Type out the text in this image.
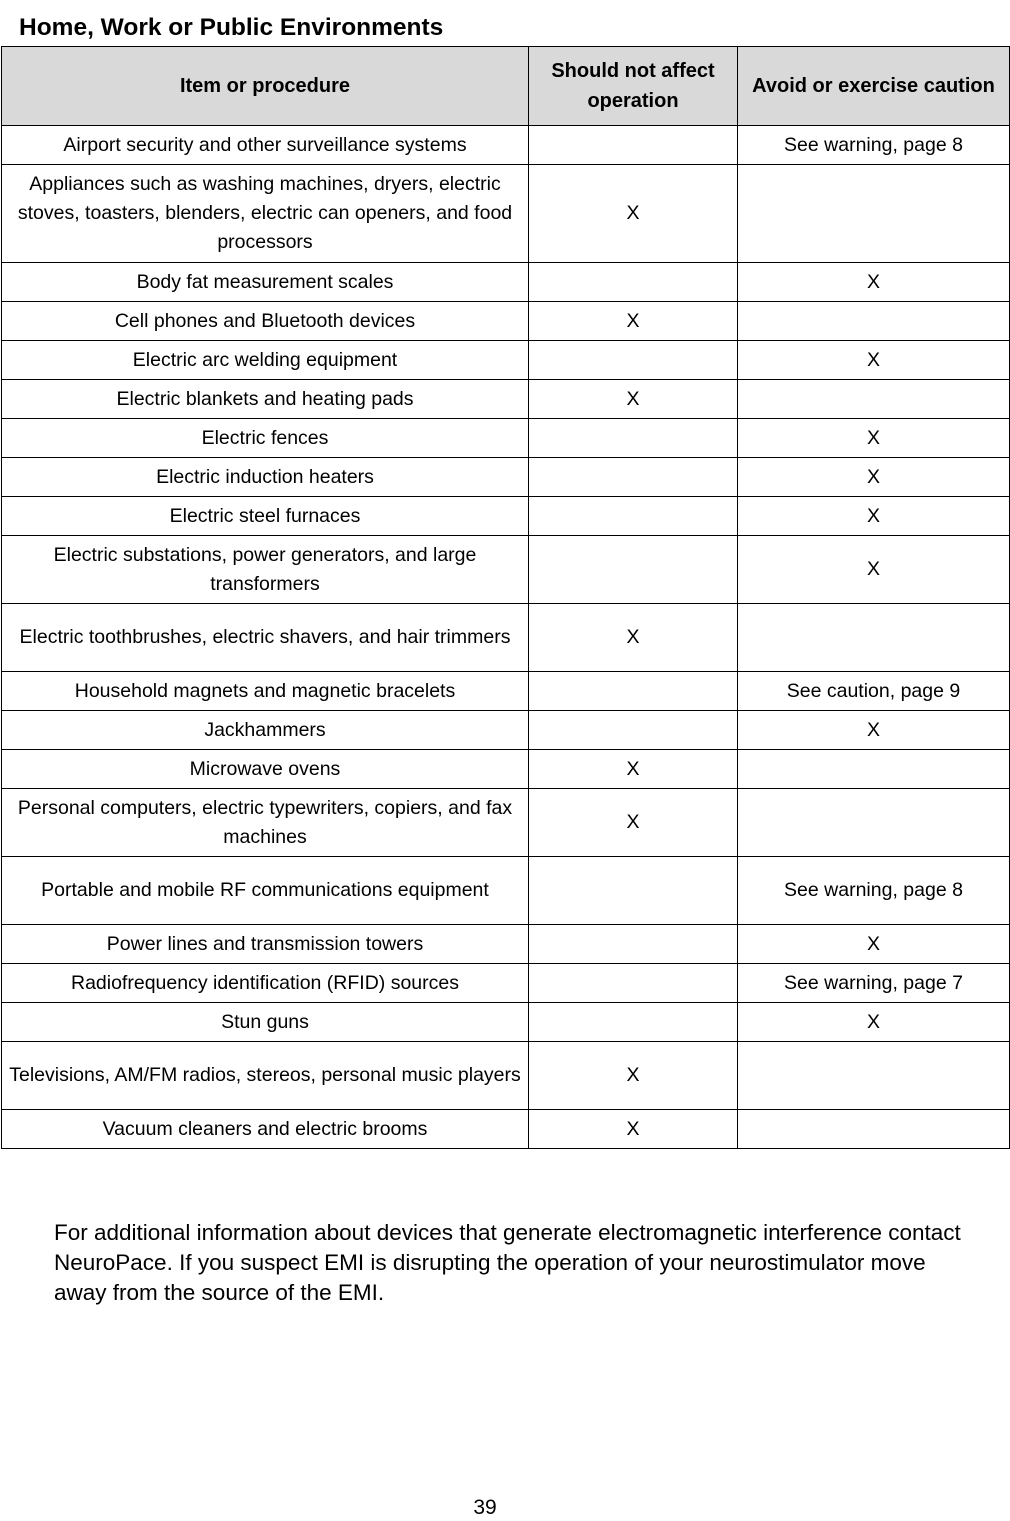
Home, Work or Public Environments
Item or procedure	Should not affect operation	Avoid or exercise caution
Airport security and other surveillance systems		See warning, page 8
Appliances such as washing machines, dryers, electric stoves, toasters, blenders, electric can openers, and food processors	X	
Body fat measurement scales		X
Cell phones and Bluetooth devices	X	
Electric arc welding equipment		X
Electric blankets and heating pads	X	
Electric fences		X
Electric induction heaters		X
Electric steel furnaces		X
Electric substations, power generators, and large transformers		X
Electric toothbrushes, electric shavers, and hair trimmers	X	
Household magnets and magnetic bracelets		See caution, page 9
Jackhammers		X
Microwave ovens	X	
Personal computers, electric typewriters, copiers, and fax machines	X	
Portable and mobile RF communications equipment		See warning, page 8
Power lines and transmission towers		X
Radiofrequency identification (RFID) sources		See warning, page 7
Stun guns		X
Televisions, AM/FM radios, stereos, personal music players	X	
Vacuum cleaners and electric brooms	X	

For additional information about devices that generate electromagnetic interference contact NeuroPace. If you suspect EMI is disrupting the operation of your neurostimulator move away from the source of the EMI.

39
